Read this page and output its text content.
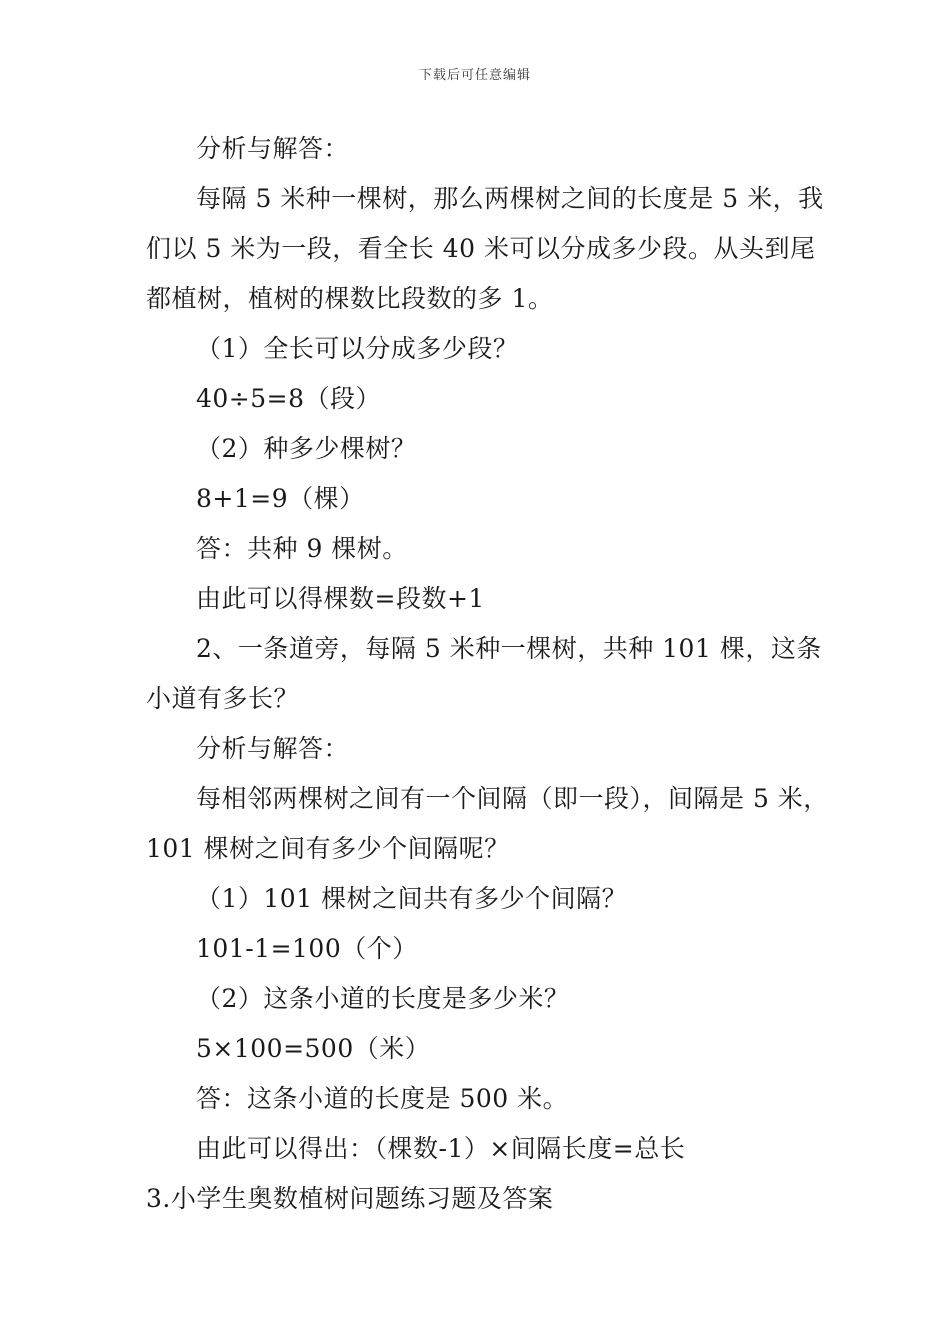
下载后可任意编辑
分析与解答：
每隔 5 米种一棵树，那么两棵树之间的长度是 5 米，我
们以 5 米为一段，看全长 40 米可以分成多少段。从头到尾
都植树，植树的棵数比段数的多 1。
（1）全长可以分成多少段？
40÷5=8（段）
（2）种多少棵树？
8+1=9（棵）
答：共种 9 棵树。
由此可以得棵数=段数+1
2、一条道旁，每隔 5 米种一棵树，共种 101 棵，这条
小道有多长？
分析与解答：
每相邻两棵树之间有一个间隔（即一段），间隔是 5 米，
101 棵树之间有多少个间隔呢？
（1）101 棵树之间共有多少个间隔？
101-1=100（个）
（2）这条小道的长度是多少米？
5×100=500（米）
答：这条小道的长度是 500 米。
由此可以得出：（棵数-1）×间隔长度=总长
3.小学生奥数植树问题练习题及答案
